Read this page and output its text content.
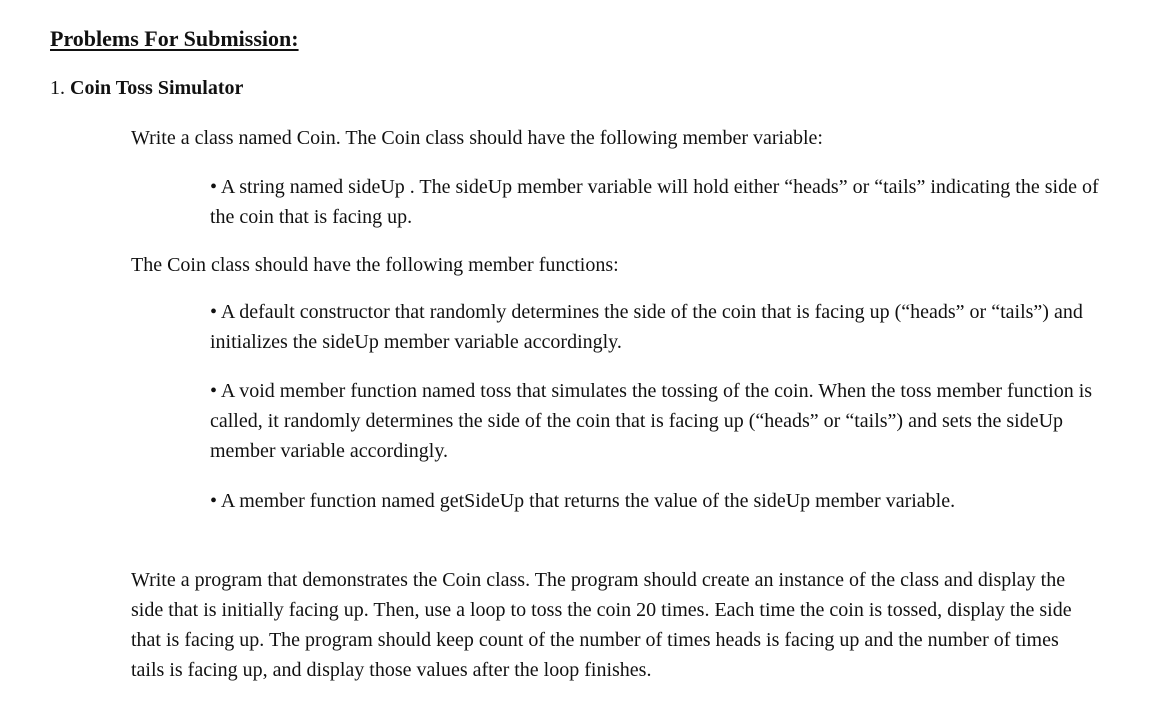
Problems For Submission:
1. Coin Toss Simulator

Write a class named Coin. The Coin class should have the following member variable:

• A string named sideUp . The sideUp member variable will hold either “heads” or “tails” indicating the side of the coin that is facing up.

The Coin class should have the following member functions:

• A default constructor that randomly determines the side of the coin that is facing up (“heads” or “tails”) and initializes the sideUp member variable accordingly.

• A void member function named toss that simulates the tossing of the coin. When the toss member function is called, it randomly determines the side of the coin that is facing up (“heads” or “tails”) and sets the sideUp member variable accordingly.

• A member function named getSideUp that returns the value of the sideUp member variable.

Write a program that demonstrates the Coin class. The program should create an instance of the class and display the side that is initially facing up. Then, use a loop to toss the coin 20 times. Each time the coin is tossed, display the side that is facing up. The program should keep count of the number of times heads is facing up and the number of times tails is facing up, and display those values after the loop finishes.
